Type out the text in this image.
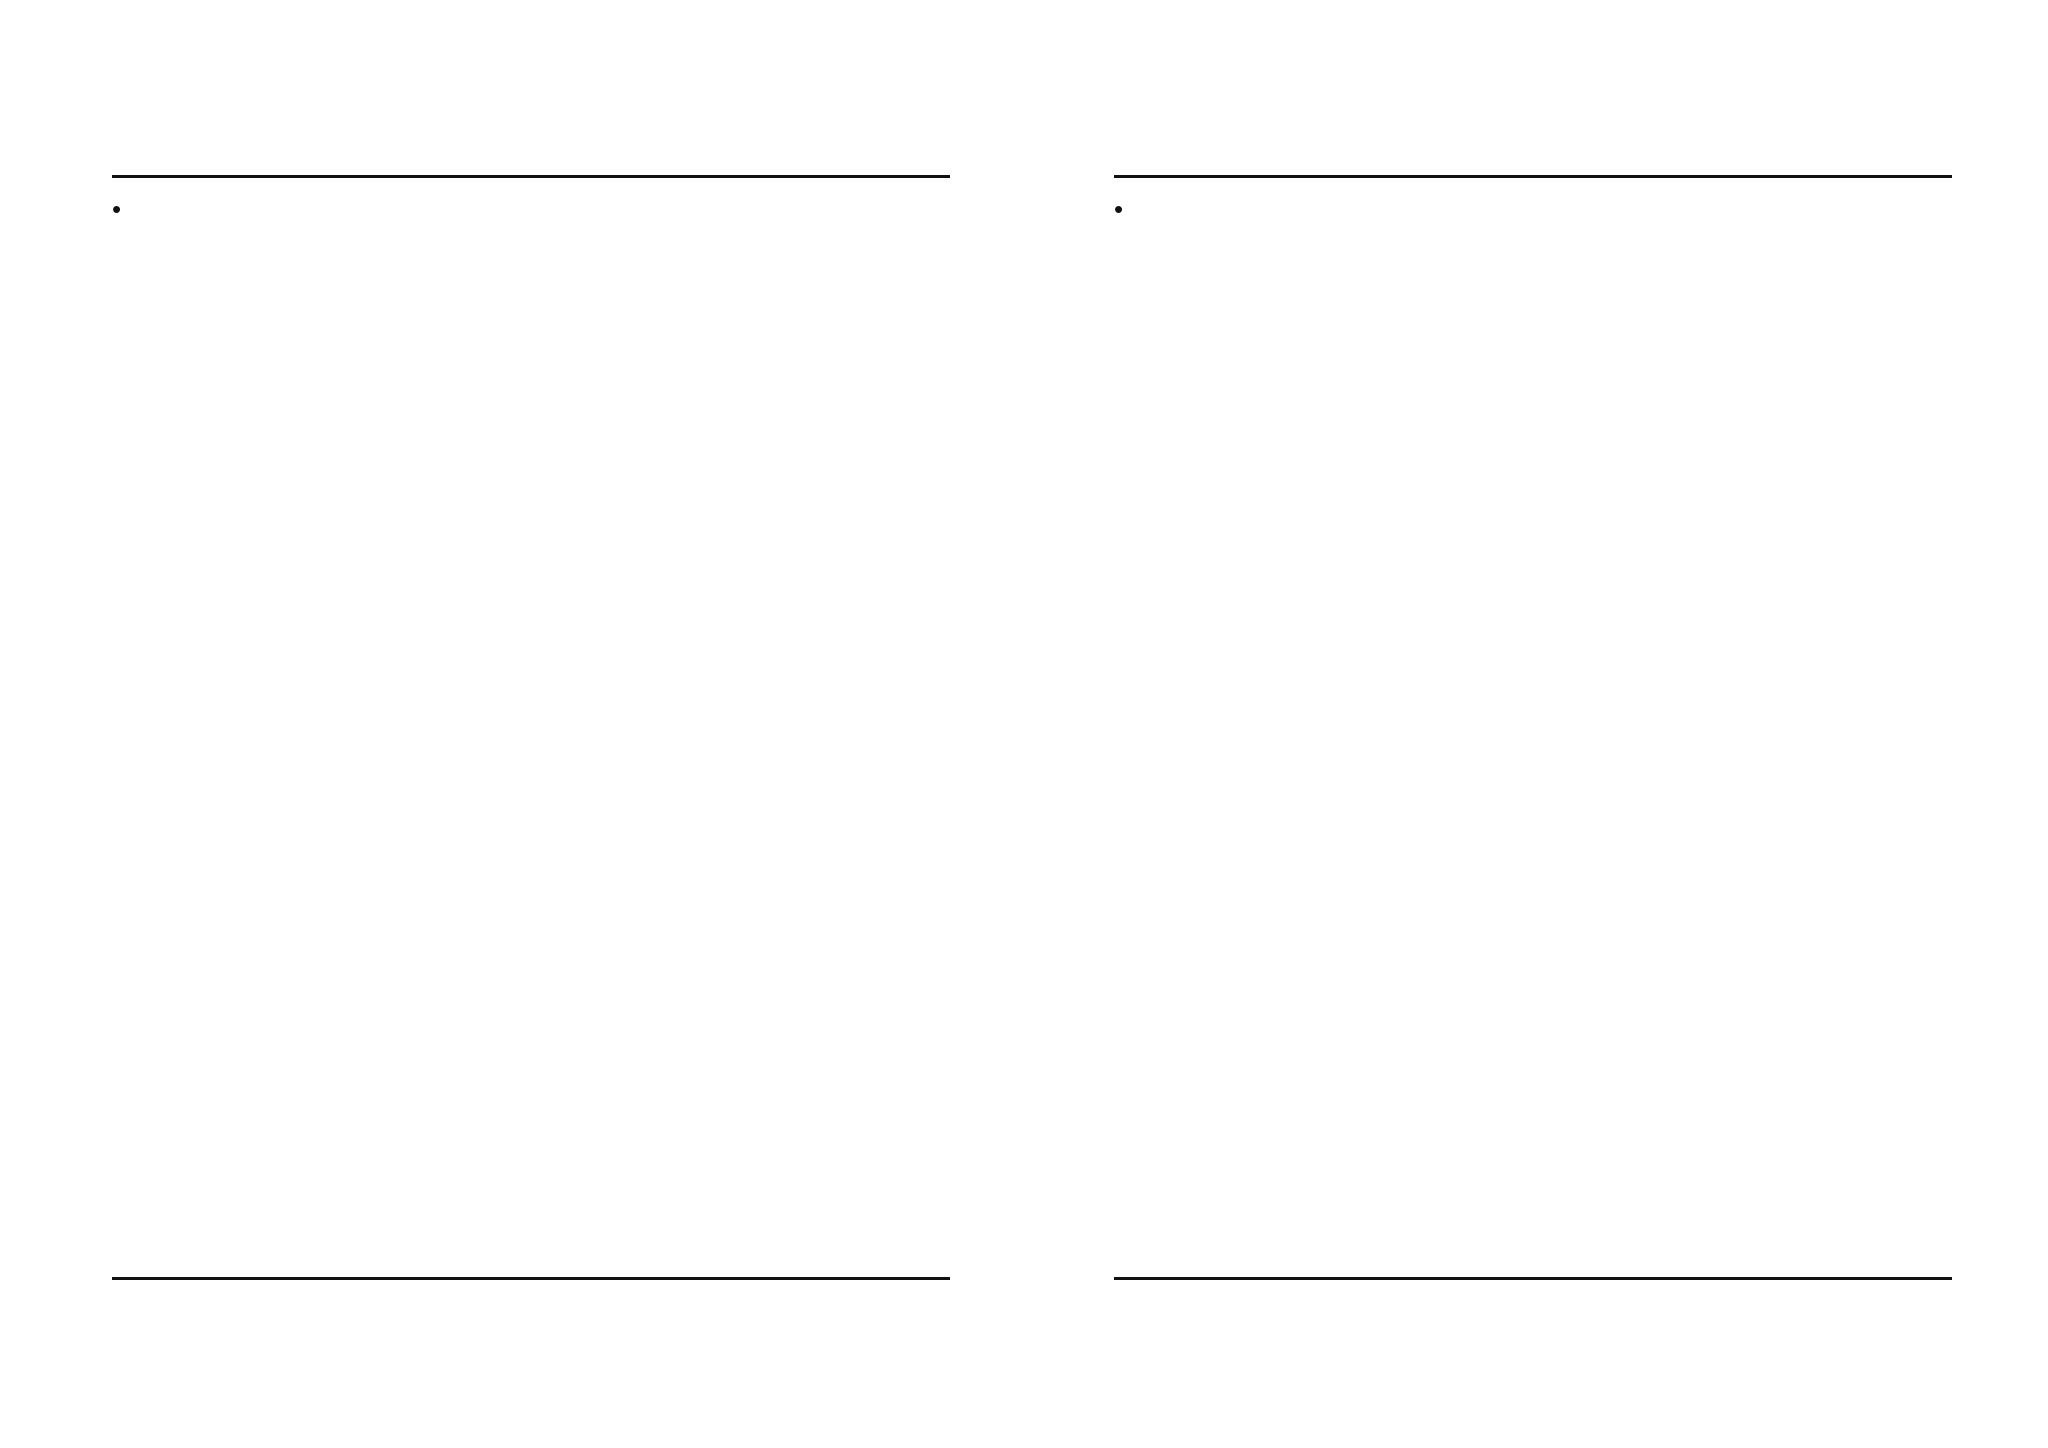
•	•
